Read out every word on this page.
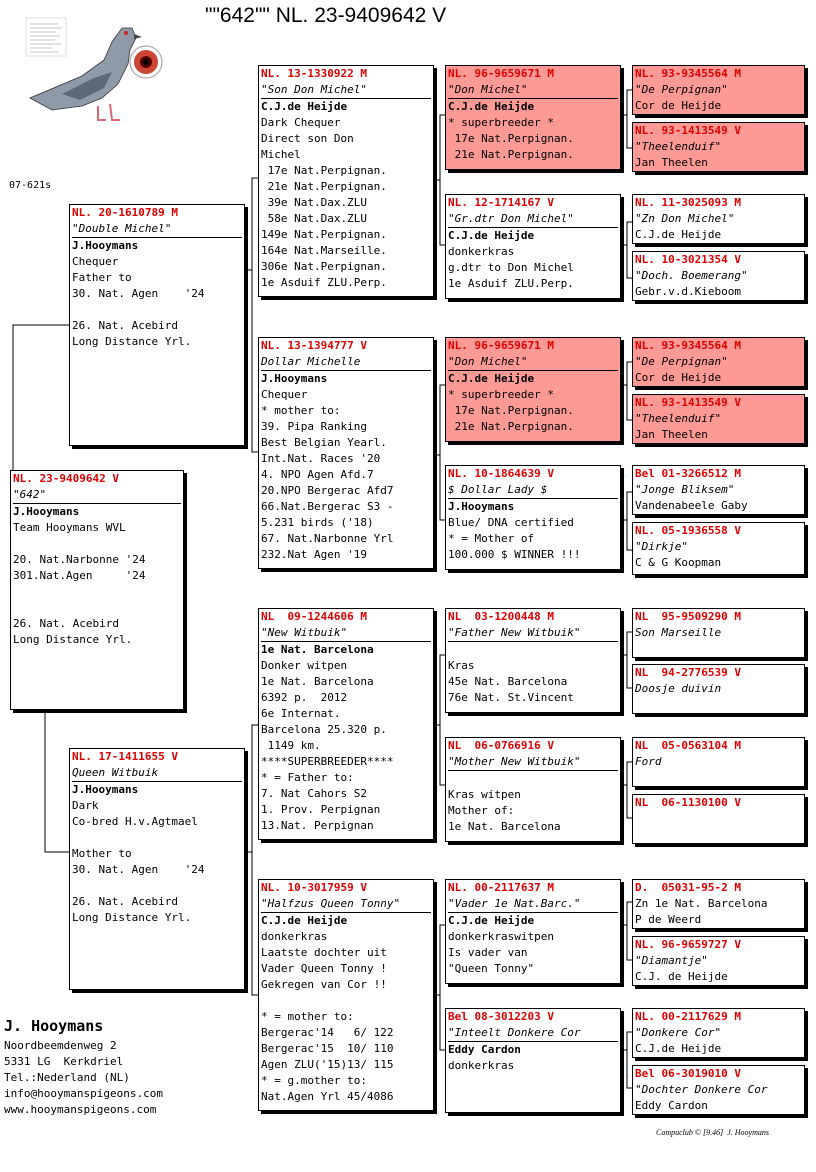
""642"" NL. 23-9409642 V
07-621s
NL. 23-9409642 V
"642"
J.Hooymans
Team Hooymans WVL
20. Nat.Narbonne '24
301.Nat.Agen     '24
26. Nat. Acebird
Long Distance Yrl.
NL. 20-1610789 M
"Double Michel"
J.Hooymans
Chequer
Father to
30. Nat. Agen    '24
26. Nat. Acebird
Long Distance Yrl.
NL. 17-1411655 V
Queen Witbuik
J.Hooymans
Dark
Co-bred H.v.Agtmael
Mother to
30. Nat. Agen    '24
26. Nat. Acebird
Long Distance Yrl.
NL. 13-1330922 M
"Son Don Michel"
C.J.de Heijde
Dark Chequer
Direct son Don
Michel
17e Nat.Perpignan.
21e Nat.Perpignan.
39e Nat.Dax.ZLU
58e Nat.Dax.ZLU
149e Nat.Perpignan.
164e Nat.Marseille.
306e Nat.Perpignan.
1e Asduif ZLU.Perp.
NL. 13-1394777 V
Dollar Michelle
J.Hooymans
Chequer
* mother to:
39. Pipa Ranking
Best Belgian Yearl.
Int.Nat. Races '20
4. NPO Agen Afd.7
20.NPO Bergerac Afd7
66.Nat.Bergerac S3 -
5.231 birds ('18)
67. Nat.Narbonne Yrl
232.Nat Agen '19
NL  09-1244606 M
"New Witbuik"
1e Nat. Barcelona
Donker witpen
1e Nat. Barcelona
6392 p.  2012
6e Internat.
Barcelona 25.320 p.
1149 km.
****SUPERBREEDER****
* = Father to:
7. Nat Cahors S2
1. Prov. Perpignan
13.Nat. Perpignan
NL. 10-3017959 V
"Halfzus Queen Tonny"
C.J.de Heijde
donkerkras
Laatste dochter uit
Vader Queen Tonny !
Gekregen van Cor !!
* = mother to:
Bergerac'14   6/ 122
Bergerac'15  10/ 110
Agen ZLU('15)13/ 115
* = g.mother to:
Nat.Agen Yrl 45/4086
NL. 96-9659671 M
"Don Michel"
C.J.de Heijde
* superbreeder *
17e Nat.Perpignan.
21e Nat.Perpignan.
NL. 12-1714167 V
"Gr.dtr Don Michel"
C.J.de Heijde
donkerkras
g.dtr to Don Michel
1e Asduif ZLU.Perp.
NL. 96-9659671 M
"Don Michel"
C.J.de Heijde
* superbreeder *
17e Nat.Perpignan.
21e Nat.Perpignan.
NL. 10-1864639 V
$ Dollar Lady $
J.Hooymans
Blue/ DNA certified
* = Mother of
100.000 $ WINNER !!!
NL  03-1200448 M
"Father New Witbuik"
Kras
45e Nat. Barcelona
76e Nat. St.Vincent
NL  06-0766916 V
"Mother New Witbuik"
Kras witpen
Mother of:
1e Nat. Barcelona
NL. 00-2117637 M
"Vader 1e Nat.Barc."
C.J.de Heijde
donkerkraswitpen
Is vader van
"Queen Tonny"
Bel 08-3012203 V
"Inteelt Donkere Cor
Eddy Cardon
donkerkras
NL. 93-9345564 M
"De Perpignan"
Cor de Heijde
NL. 93-1413549 V
"Theelenduif"
Jan Theelen
NL. 11-3025093 M
"Zn Don Michel"
C.J.de Heijde
NL. 10-3021354 V
"Doch. Boemerang"
Gebr.v.d.Kieboom
NL. 93-9345564 M
"De Perpignan"
Cor de Heijde
NL. 93-1413549 V
"Theelenduif"
Jan Theelen
Bel 01-3266512 M
"Jonge Bliksem"
Vandenabeele Gaby
NL. 05-1936558 V
"Dirkje"
C & G Koopman
NL  95-9509290 M
Son Marseille
NL  94-2776539 V
Doosje duivin
NL  05-0563104 M
Ford
NL  06-1130100 V
D.  05031-95-2 M
Zn 1e Nat. Barcelona
P de Weerd
NL. 96-9659727 V
"Diamantje"
C.J. de Heijde
NL. 00-2117629 M
"Donkere Cor"
C.J.de Heijde
Bel 06-3019010 V
"Dochter Donkere Cor
Eddy Cardon
J. Hooymans
Noordbeemdenweg 2
5331 LG  Kerkdriel
Tel.:Nederland (NL)
info@hooymanspigeons.com
www.hooymanspigeons.com
Compuclub © [9.46]  J. Hooymans
